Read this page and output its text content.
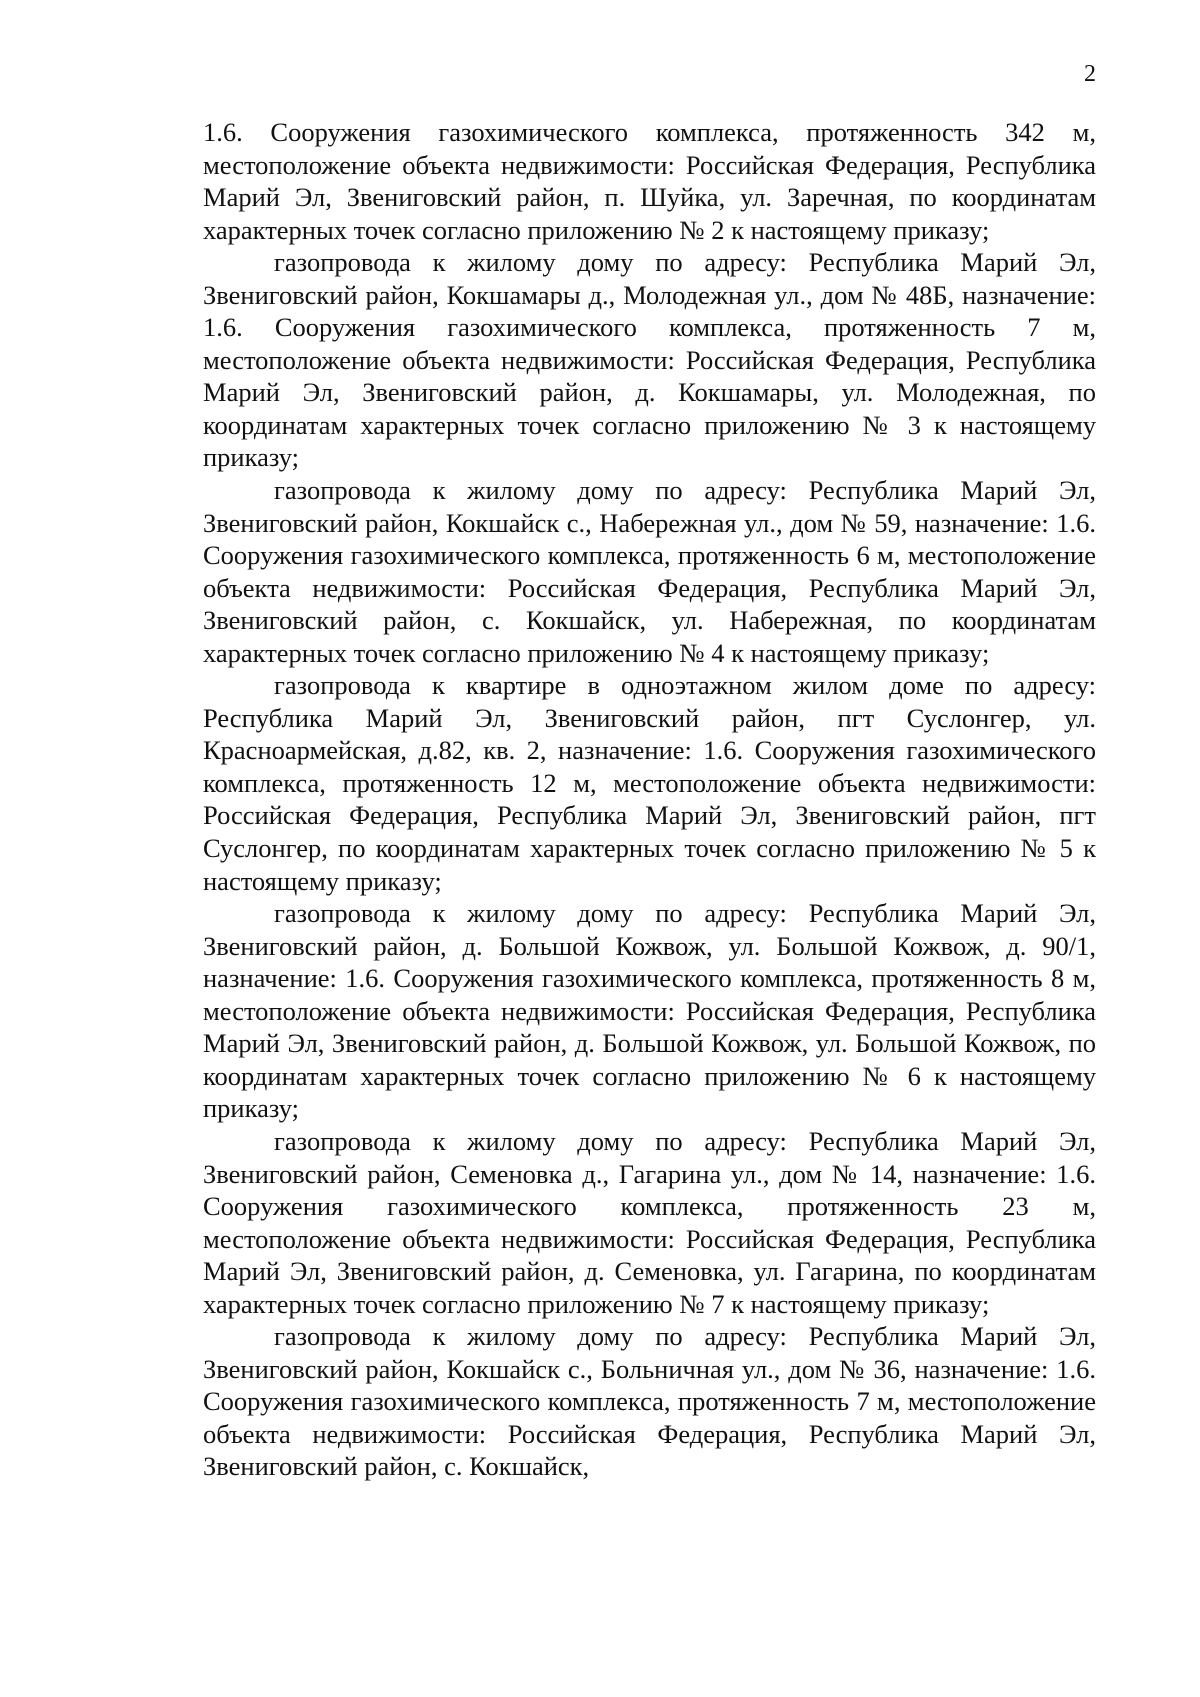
2

1.6. Сооружения газохимического комплекса, протяженность 342 м, местоположение объекта недвижимости: Российская Федерация, Республика Марий Эл, Звениговский район, п. Шуйка, ул. Заречная, по координатам характерных точек согласно приложению № 2 к настоящему приказу;

газопровода к жилому дому по адресу: Республика Марий Эл, Звениговский район, Кокшамары д., Молодежная ул., дом № 48Б, назначение: 1.6. Сооружения газохимического комплекса, протяженность 7 м, местоположение объекта недвижимости: Российская Федерация, Республика Марий Эл, Звениговский район, д. Кокшамары, ул. Молодежная, по координатам характерных точек согласно приложению № 3 к настоящему приказу;

газопровода к жилому дому по адресу: Республика Марий Эл, Звениговский район, Кокшайск с., Набережная ул., дом № 59, назначение: 1.6. Сооружения газохимического комплекса, протяженность 6 м, местоположение объекта недвижимости: Российская Федерация, Республика Марий Эл, Звениговский район, с. Кокшайск, ул. Набережная, по координатам характерных точек согласно приложению № 4 к настоящему приказу;

газопровода к квартире в одноэтажном жилом доме по адресу: Республика Марий Эл, Звениговский район, пгт Суслонгер, ул. Красноармейская, д.82, кв. 2, назначение: 1.6. Сооружения газохимического комплекса, протяженность 12 м, местоположение объекта недвижимости: Российская Федерация, Республика Марий Эл, Звениговский район, пгт Суслонгер, по координатам характерных точек согласно приложению № 5 к настоящему приказу;

газопровода к жилому дому по адресу: Республика Марий Эл, Звениговский район, д. Большой Кожвож, ул. Большой Кожвож, д. 90/1, назначение: 1.6. Сооружения газохимического комплекса, протяженность 8 м, местоположение объекта недвижимости: Российская Федерация, Республика Марий Эл, Звениговский район, д. Большой Кожвож, ул. Большой Кожвож, по координатам характерных точек согласно приложению № 6 к настоящему приказу;

газопровода к жилому дому по адресу: Республика Марий Эл, Звениговский район, Семеновка д., Гагарина ул., дом № 14, назначение: 1.6. Сооружения газохимического комплекса, протяженность 23 м, местоположение объекта недвижимости: Российская Федерация, Республика Марий Эл, Звениговский район, д. Семеновка, ул. Гагарина, по координатам характерных точек согласно приложению № 7 к настоящему приказу;

газопровода к жилому дому по адресу: Республика Марий Эл, Звениговский район, Кокшайск с., Больничная ул., дом № 36, назначение: 1.6. Сооружения газохимического комплекса, протяженность 7 м, местоположение объекта недвижимости: Российская Федерация, Республика Марий Эл, Звениговский район, с. Кокшайск,
